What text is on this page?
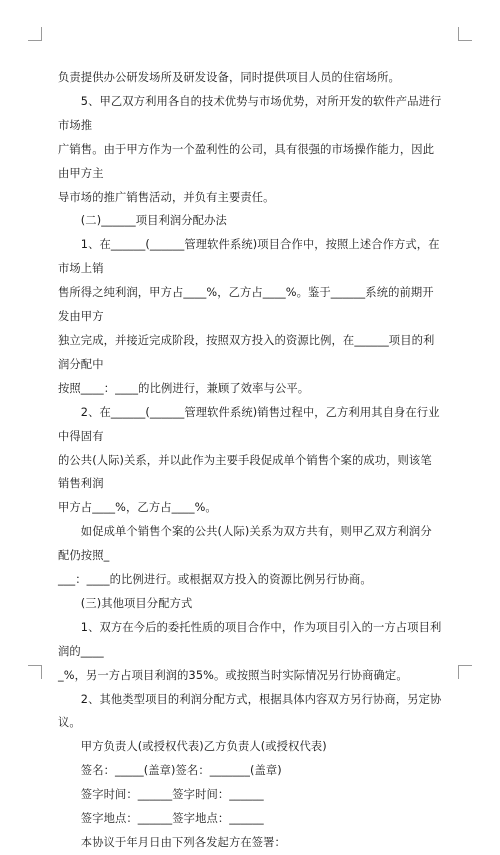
负责提供办公研发场所及研发设备，同时提供项目人员的住宿场所。

　　5、甲乙双方利用各自的技术优势与市场优势，对所开发的软件产品进行市场推

广销售。由于甲方作为一个盈利性的公司，具有很强的市场操作能力，因此由甲方主

导市场的推广销售活动，并负有主要责任。

　　(二)______项目利润分配办法

　　1、在______(______管理软件系统)项目合作中，按照上述合作方式，在市场上销

售所得之纯利润，甲方占____%，乙方占____%。鉴于______系统的前期开发由甲方

独立完成，并接近完成阶段，按照双方投入的资源比例，在______项目的利润分配中

按照____：____的比例进行，兼顾了效率与公平。

　　2、在______(______管理软件系统)销售过程中，乙方利用其自身在行业中得固有

的公共(人际)关系，并以此作为主要手段促成单个销售个案的成功，则该笔销售利润

甲方占____%，乙方占____%。

　　如促成单个销售个案的公共(人际)关系为双方共有，则甲乙双方利润分配仍按照_

___：____的比例进行。或根据双方投入的资源比例另行协商。

　　(三)其他项目分配方式

　　1、双方在今后的委托性质的项目合作中，作为项目引入的一方占项目利润的____

_%，另一方占项目利润的35%。或按照当时实际情况另行协商确定。

　　2、其他类型项目的利润分配方式，根据具体内容双方另行协商，另定协议。

　　甲方负责人(或授权代表)乙方负责人(或授权代表)

　　签名：_____(盖章)签名：_______(盖章)

　　签字时间：______签字时间：______

　　签字地点：______签字地点：______

　　本协议于年月日由下列各发起方在签署：
